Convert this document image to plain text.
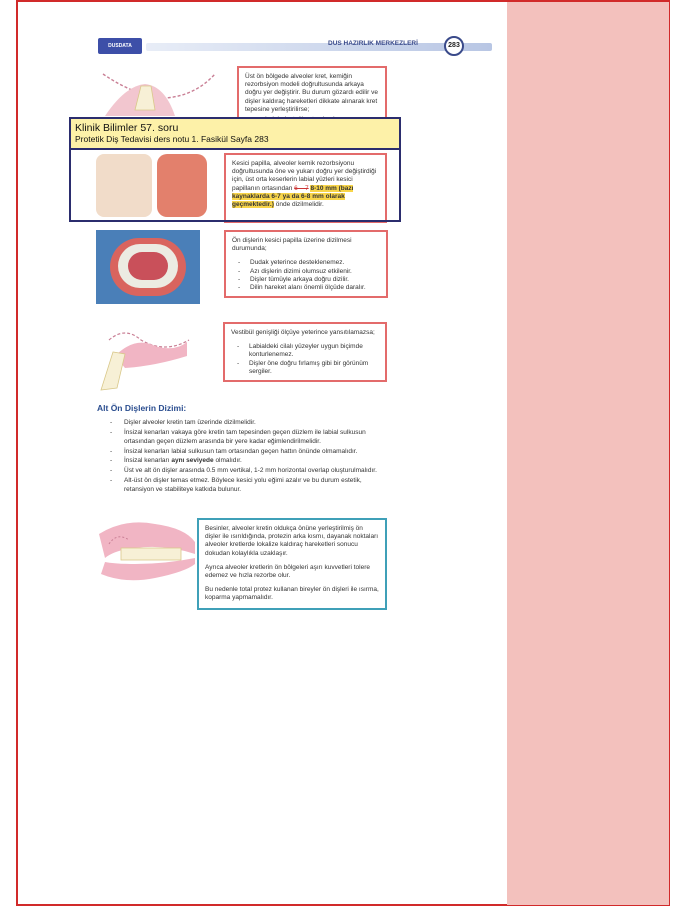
DUSDATA	DUS HAZIRLIK MERKEZLERİ	283

Üst ön bölgede alveoler kret, kemiğin rezorbsiyon modeli doğrultusunda arkaya doğru yer değiştirir. Bu durum gözardı edilir ve dişler kaldıraç hareketleri dikkate alınarak kret tepesine yerleştirilirse;

-
Kesici papilla, alveoler kemik rezorbsiyonu doğrultusunda öne ve yukarı doğru yer değiştirdiği için, üst orta keserlerin labial yüzleri kesici papillanın ortasından 6 – 7 8-10 mm (bazı kaynaklarda 6-7 ya da 6-8 mm olarak geçmektedir.) önde dizilmelidir.
Klinik Bilimler 57. soru
Protetik Diş Tedavisi ders notu 1. Fasikül Sayfa 283

Ön dişlerin kesici papilla üzerine dizilmesi durumunda;

- Dudak yeterince desteklenemez.
- Azı dişlerin dizimi olumsuz etkilenir.
- Dişler tümüyle arkaya doğru dizilir.
- Dilin hareket alanı önemli ölçüde daralır.

Vestibül genişliği ölçüye yeterince yansıtılamazsa;

- Labialdeki cilalı yüzeyler uygun biçimde konturlenemez.
- Dişler öne doğru fırlamış gibi bir görünüm sergiler.
Alt Ön Dişlerin Dizimi:
- Dişler alveoler kretin tam üzerinde dizilmelidir.
- İnsizal kenarları vakaya göre kretin tam tepesinden geçen düzlem ile labial sulkusun ortasından geçen düzlem arasında bir yere kadar eğimlendirilmelidir.
- İnsizal kenarları labial sulkusun tam ortasından geçen hattın önünde olmamalıdır.
- İnsizal kenarları aynı seviyede olmalıdır.
- Üst ve alt ön dişler arasında 0.5 mm vertikal, 1-2 mm horizontal overlap oluşturulmalıdır.
- Alt-üst ön dişler temas etmez. Böylece kesici yolu eğimi azalır ve bu durum estetik, retansiyon ve stabiliteye katkıda bulunur.

Besinler, alveoler kretin oldukça önüne yerleştirilmiş ön dişler ile ısırıldığında, protezin arka kısmı, dayanak noktaları alveoler kretlerde lokalize kaldıraç hareketleri sonucu dokudan kolaylıkla uzaklaşır.

Ayrıca alveoler kretlerin ön bölgeleri aşırı kuvvetleri tolere edemez ve hızla rezorbe olur.

Bu nedenle total protez kullanan bireyler ön dişleri ile ısırma, koparma yapmamalıdır.
